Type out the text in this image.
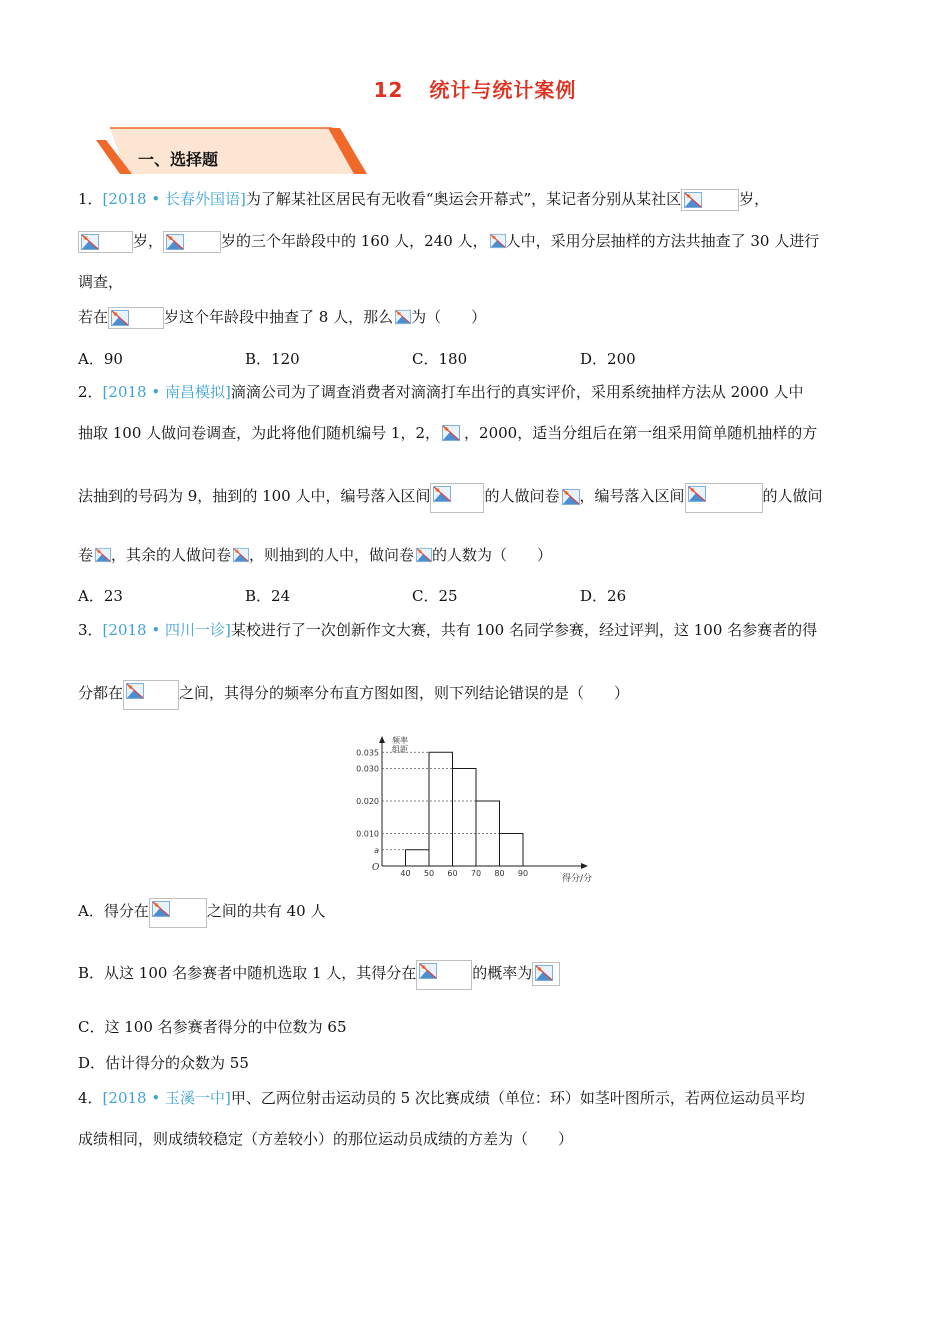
12 统计与统计案例
一、选择题
1．[2018 • 长春外国语]为了解某社区居民有无收看“奥运会开幕式”，某记者分别从某社区	岁，
岁，	岁的三个年龄段中的 160 人，240 人， 人中，采用分层抽样的方法共抽查了 30 人进行
调查，
若在	岁这个年龄段中抽查了 8 人，那么 为（　　）
A．90	B．120	C．180	D．200
2．[2018 • 南昌模拟]滴滴公司为了调查消费者对滴滴打车出行的真实评价，采用系统抽样方法从 2000 人中
抽取 100 人做问卷调查，为此将他们随机编号 1，2， ，2000，适当分组后在第一组采用简单随机抽样的方
法抽到的号码为 9，抽到的 100 人中，编号落入区间	的人做问卷 ，编号落入区间	的人做问
卷 ，其余的人做问卷 ，则抽到的人中，做问卷 的人数为（　　）
A．23	B．24	C．25	D．26
3．[2018 • 四川一诊]某校进行了一次创新作文大赛，共有 100 名同学参赛，经过评判，这 100 名参赛者的得
分都在	之间，其得分的频率分布直方图如图，则下列结论错误的是（　　）
频率
组距
O
得分/分
0.035
0.030
0.020
0.010
a
40 50 60 70 80 90
A．得分在	之间的共有 40 人
B．从这 100 名参赛者中随机选取 1 人，其得分在	的概率为
C．这 100 名参赛者得分的中位数为 65
D．估计得分的众数为 55
4．[2018 • 玉溪一中]甲、乙两位射击运动员的 5 次比赛成绩（单位：环）如茎叶图所示，若两位运动员平均
成绩相同，则成绩较稳定（方差较小）的那位运动员成绩的方差为（　　）
